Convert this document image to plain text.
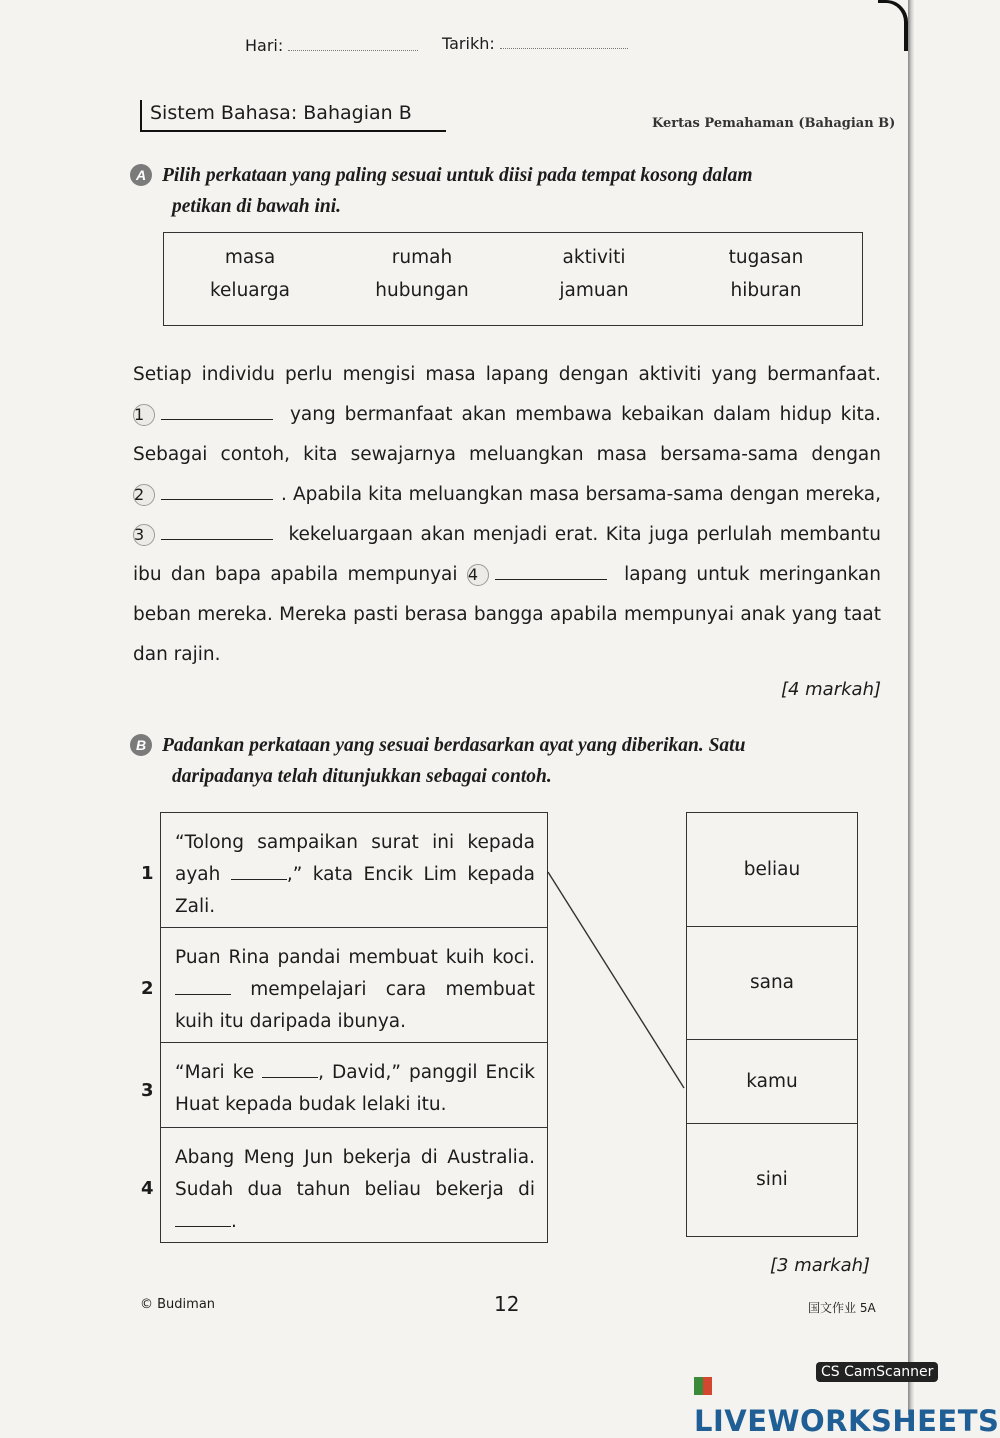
Hari:	Tarikh:
Sistem Bahasa: Bahagian B	Kertas Pemahaman (Bahagian B)
A Pilih perkataan yang paling sesuai untuk diisi pada tempat kosong dalam
petikan di bawah ini.
masa	rumah	aktiviti	tugasan
keluarga	hubungan	jamuan	hiburan

Setiap individu perlu mengisi masa lapang dengan aktiviti yang bermanfaat.

1	yang bermanfaat akan membawa kebaikan dalam hidup kita.

Sebagai contoh, kita sewajarnya meluangkan masa bersama-sama dengan

2	. Apabila kita meluangkan masa bersama-sama dengan mereka,

3	kekeluargaan akan menjadi erat. Kita juga perlulah membantu

ibu dan bapa apabila mempunyai 4	lapang untuk meringankan

beban mereka. Mereka pasti berasa bangga apabila mempunyai anak yang taat

dan rajin.

[4 markah]

B Padankan perkataan yang sesuai berdasarkan ayat yang diberikan. Satu
daripadanya telah ditunjukkan sebagai contoh.
1
“Tolong sampaikan surat ini kepada ayah	,” kata Encik Lim kepada Zali.
2
Puan Rina pandai membuat kuih koci.  mempelajari cara membuat kuih itu daripada ibunya.
3
“Mari ke	, David,” panggil Encik Huat kepada budak lelaki itu.
4
Abang Meng Jun bekerja di Australia. Sudah dua tahun beliau bekerja di .
beliau
sana
kamu
sini
[3 markah]
© Budiman	12	国文作业 5A
CS CamScanner
LIVEWORKSHEETS
